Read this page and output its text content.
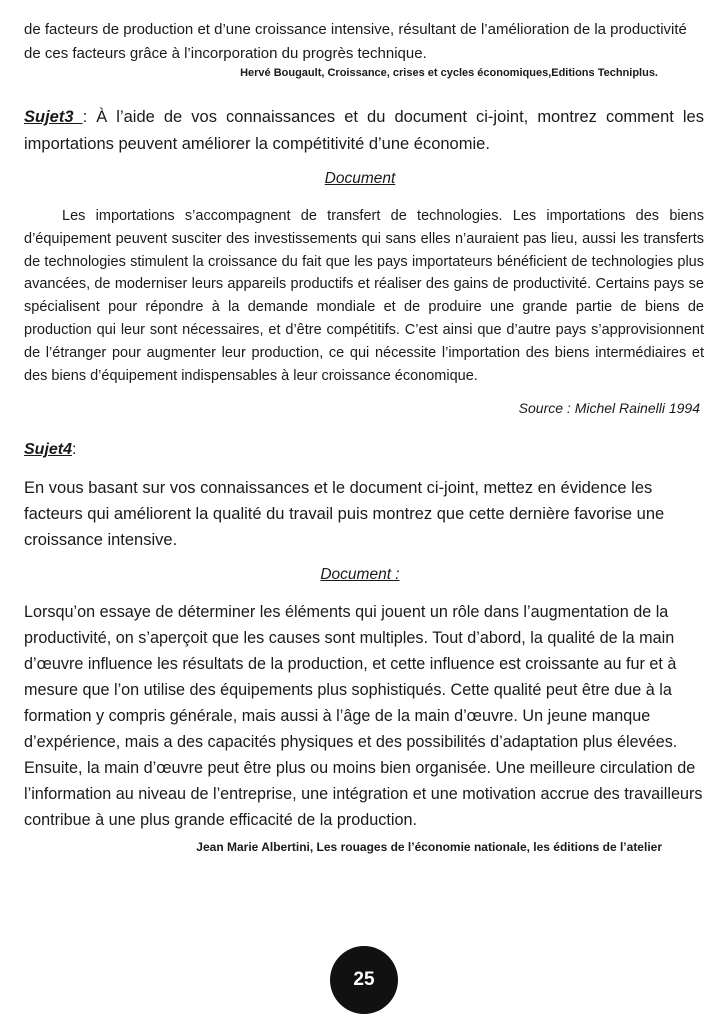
de facteurs de production et d’une croissance intensive, résultant de l’amélioration de la productivité de ces facteurs grâce à l’incorporation du progrès technique.

Hervé Bougault, Croissance, crises et cycles économiques,Editions Techniplus.

Sujet3 : À l’aide de vos connaissances et du document ci-joint, montrez comment les importations peuvent améliorer la compétitivité d’une économie.

Document

Les importations s’accompagnent de transfert de technologies. Les importations des biens d’équipement peuvent susciter des investissements qui sans elles n’auraient pas lieu, aussi les transferts de technologies stimulent la croissance du fait que les pays importateurs bénéficient de technologies plus avancées, de moderniser leurs appareils productifs et réaliser des gains de productivité. Certains pays se spécialisent pour répondre à la demande mondiale et de produire une grande partie de biens de production qui leur sont nécessaires, et d’être compétitifs. C’est ainsi que d’autre pays s’approvisionnent de l’étranger pour augmenter leur production, ce qui nécessite l’importation des biens intermédiaires et des biens d’équipement indispensables à leur croissance économique.

Source : Michel Rainelli 1994
Sujet4:

En vous basant sur vos connaissances et le document ci-joint, mettez en évidence les facteurs qui améliorent la qualité du travail puis montrez que cette dernière favorise une croissance intensive.

Document :

Lorsqu’on essaye de déterminer les éléments qui jouent un rôle dans l’augmentation de la productivité, on s’aperçoit que les causes sont multiples. Tout d’abord, la qualité de la main d’œuvre influence les résultats de la production, et cette influence est croissante au fur et à mesure que l’on utilise des équipements plus sophistiqués. Cette qualité peut être due à la formation y compris générale, mais aussi à l’âge de la main d’œuvre. Un jeune manque d’expérience, mais a des capacités physiques et des possibilités d’adaptation plus élevées. Ensuite, la main d’œuvre peut être plus ou moins bien organisée. Une meilleure circulation de l’information au niveau de l’entreprise, une intégration et une motivation accrue des travailleurs contribue à une plus grande efficacité de la production.

Jean Marie Albertini, Les rouages de l’économie nationale, les éditions de l’atelier
25
